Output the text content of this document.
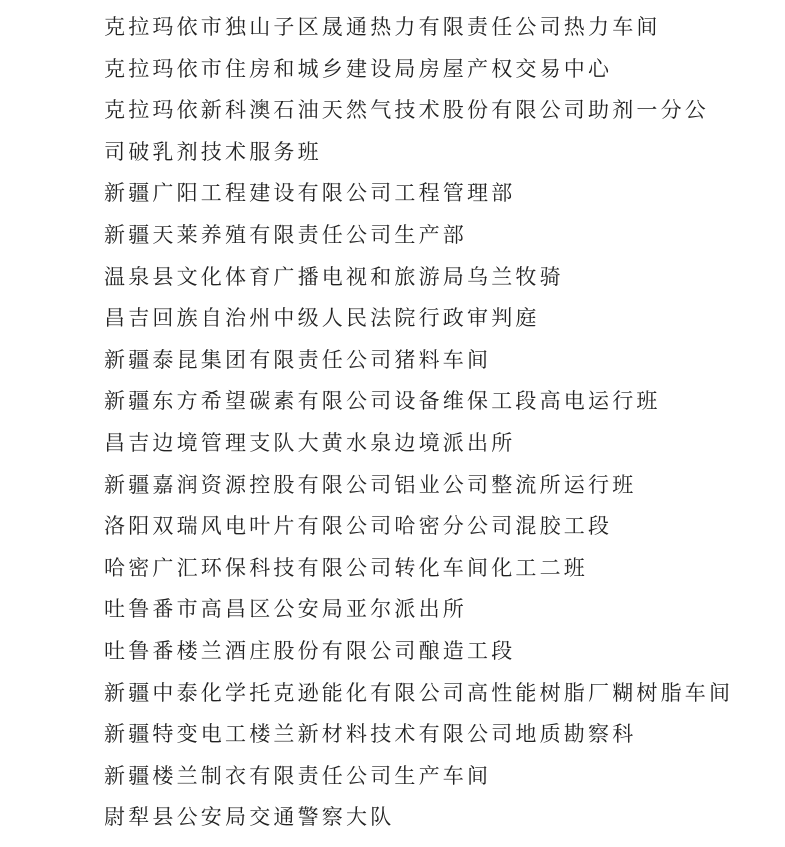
克拉玛依市独山子区晟通热力有限责任公司热力车间
克拉玛依市住房和城乡建设局房屋产权交易中心
克拉玛依新科澳石油天然气技术股份有限公司助剂一分公
司破乳剂技术服务班
新疆广阳工程建设有限公司工程管理部
新疆天莱养殖有限责任公司生产部
温泉县文化体育广播电视和旅游局乌兰牧骑
昌吉回族自治州中级人民法院行政审判庭
新疆泰昆集团有限责任公司猪料车间
新疆东方希望碳素有限公司设备维保工段高电运行班
昌吉边境管理支队大黄水泉边境派出所
新疆嘉润资源控股有限公司铝业公司整流所运行班
洛阳双瑞风电叶片有限公司哈密分公司混胶工段
哈密广汇环保科技有限公司转化车间化工二班
吐鲁番市高昌区公安局亚尔派出所
吐鲁番楼兰酒庄股份有限公司酿造工段
新疆中泰化学托克逊能化有限公司高性能树脂厂糊树脂车间
新疆特变电工楼兰新材料技术有限公司地质勘察科
新疆楼兰制衣有限责任公司生产车间
尉犁县公安局交通警察大队
